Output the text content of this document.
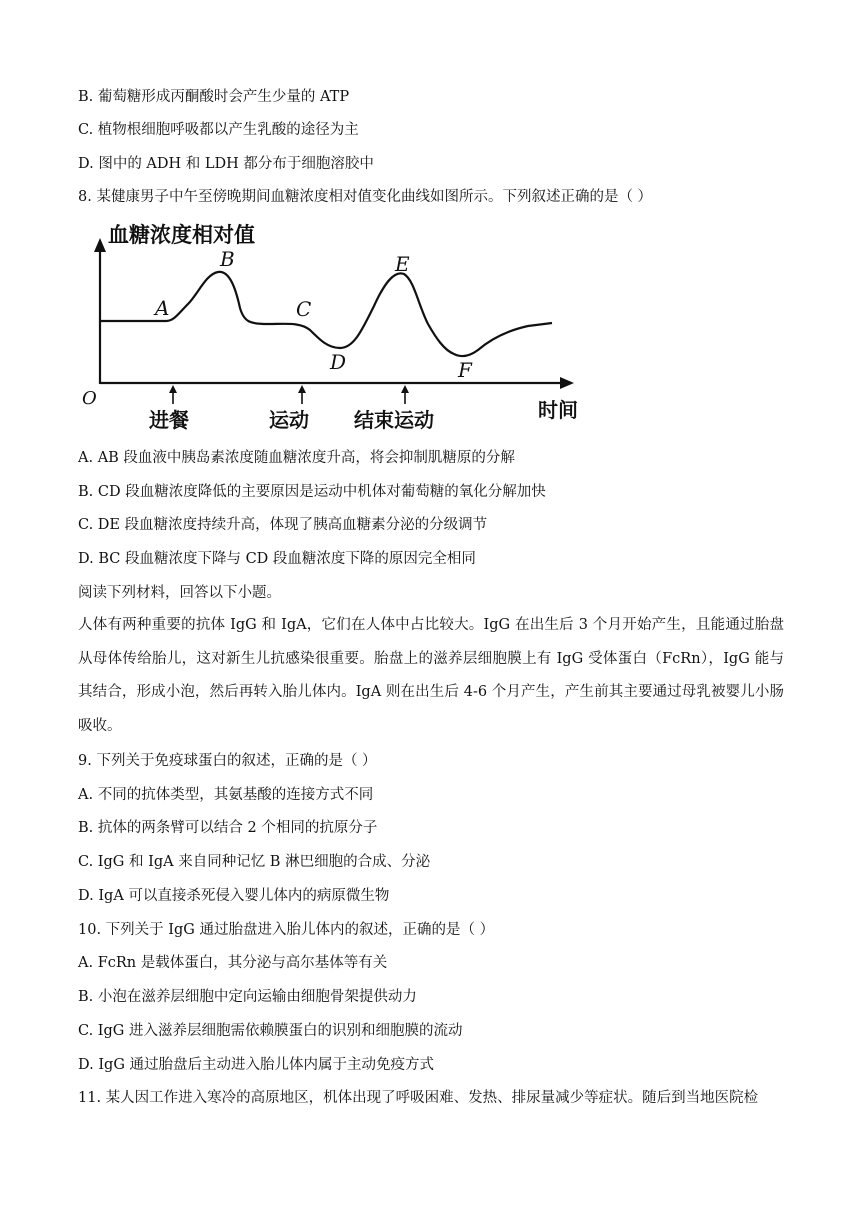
B. 葡萄糖形成丙酮酸时会产生少量的 ATP
C. 植物根细胞呼吸都以产生乳酸的途径为主
D. 图中的 ADH 和 LDH 都分布于细胞溶胶中
8. 某健康男子中午至傍晚期间血糖浓度相对值变化曲线如图所示。下列叙述正确的是（ ）
血糖浓度相对值
时间
O
A
B
C
D
E
F
进餐	运动 结束运动
A. AB 段血液中胰岛素浓度随血糖浓度升高，将会抑制肌糖原的分解
B. CD 段血糖浓度降低的主要原因是运动中机体对葡萄糖的氧化分解加快
C. DE 段血糖浓度持续升高，体现了胰高血糖素分泌的分级调节
D. BC 段血糖浓度下降与 CD 段血糖浓度下降的原因完全相同
阅读下列材料，回答以下小题。
人体有两种重要的抗体 IgG 和 IgA，它们在人体中占比较大。IgG 在出生后 3 个月开始产生，且能通过胎盘从母体传给胎儿，这对新生儿抗感染很重要。胎盘上的滋养层细胞膜上有 IgG 受体蛋白（FcRn），IgG 能与其结合，形成小泡，然后再转入胎儿体内。IgA 则在出生后 4-6 个月产生，产生前其主要通过母乳被婴儿小肠吸收。
9. 下列关于免疫球蛋白的叙述，正确的是（ ）
A. 不同的抗体类型，其氨基酸的连接方式不同
B. 抗体的两条臂可以结合 2 个相同的抗原分子
C. IgG 和 IgA 来自同种记忆 B 淋巴细胞的合成、分泌
D. IgA 可以直接杀死侵入婴儿体内的病原微生物
10. 下列关于 IgG 通过胎盘进入胎儿体内的叙述，正确的是（ ）
A. FcRn 是载体蛋白，其分泌与高尔基体等有关
B. 小泡在滋养层细胞中定向运输由细胞骨架提供动力
C. IgG 进入滋养层细胞需依赖膜蛋白的识别和细胞膜的流动
D. IgG 通过胎盘后主动进入胎儿体内属于主动免疫方式
11. 某人因工作进入寒冷的高原地区，机体出现了呼吸困难、发热、排尿量减少等症状。随后到当地医院检
